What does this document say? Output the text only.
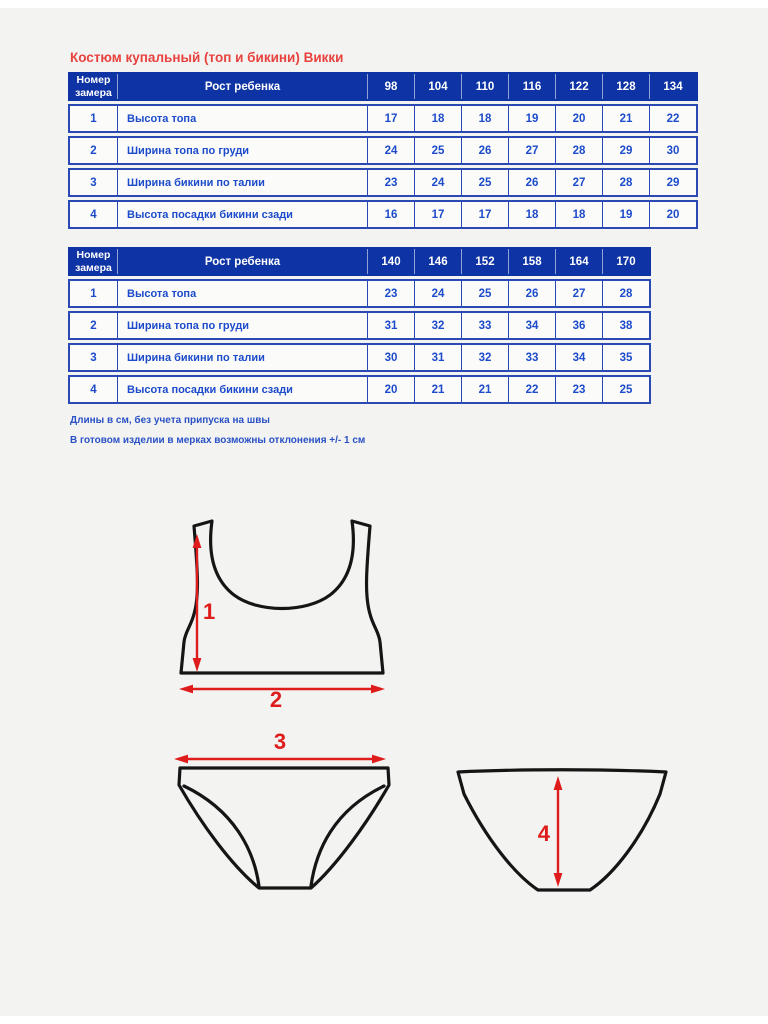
Костюм купальный (топ и бикини) Викки
Номер замера	Рост ребенка	98	104	110	116	122	128	134
1	Высота топа	17	18	18	19	20	21	22
2	Ширина топа по груди	24	25	26	27	28	29	30
3	Ширина бикини по талии	23	24	25	26	27	28	29
4	Высота посадки бикини сзади	16	17	17	18	18	19	20
Номер замера	Рост ребенка	140	146	152	158	164	170
1	Высота топа	23	24	25	26	27	28
2	Ширина топа по груди	31	32	33	34	36	38
3	Ширина бикини по талии	30	31	32	33	34	35
4	Высота посадки бикини сзади	20	21	21	22	23	25
Длины в см, без учета припуска на швы
В готовом изделии в мерках возможны отклонения +/- 1 см
1
2
3
4
